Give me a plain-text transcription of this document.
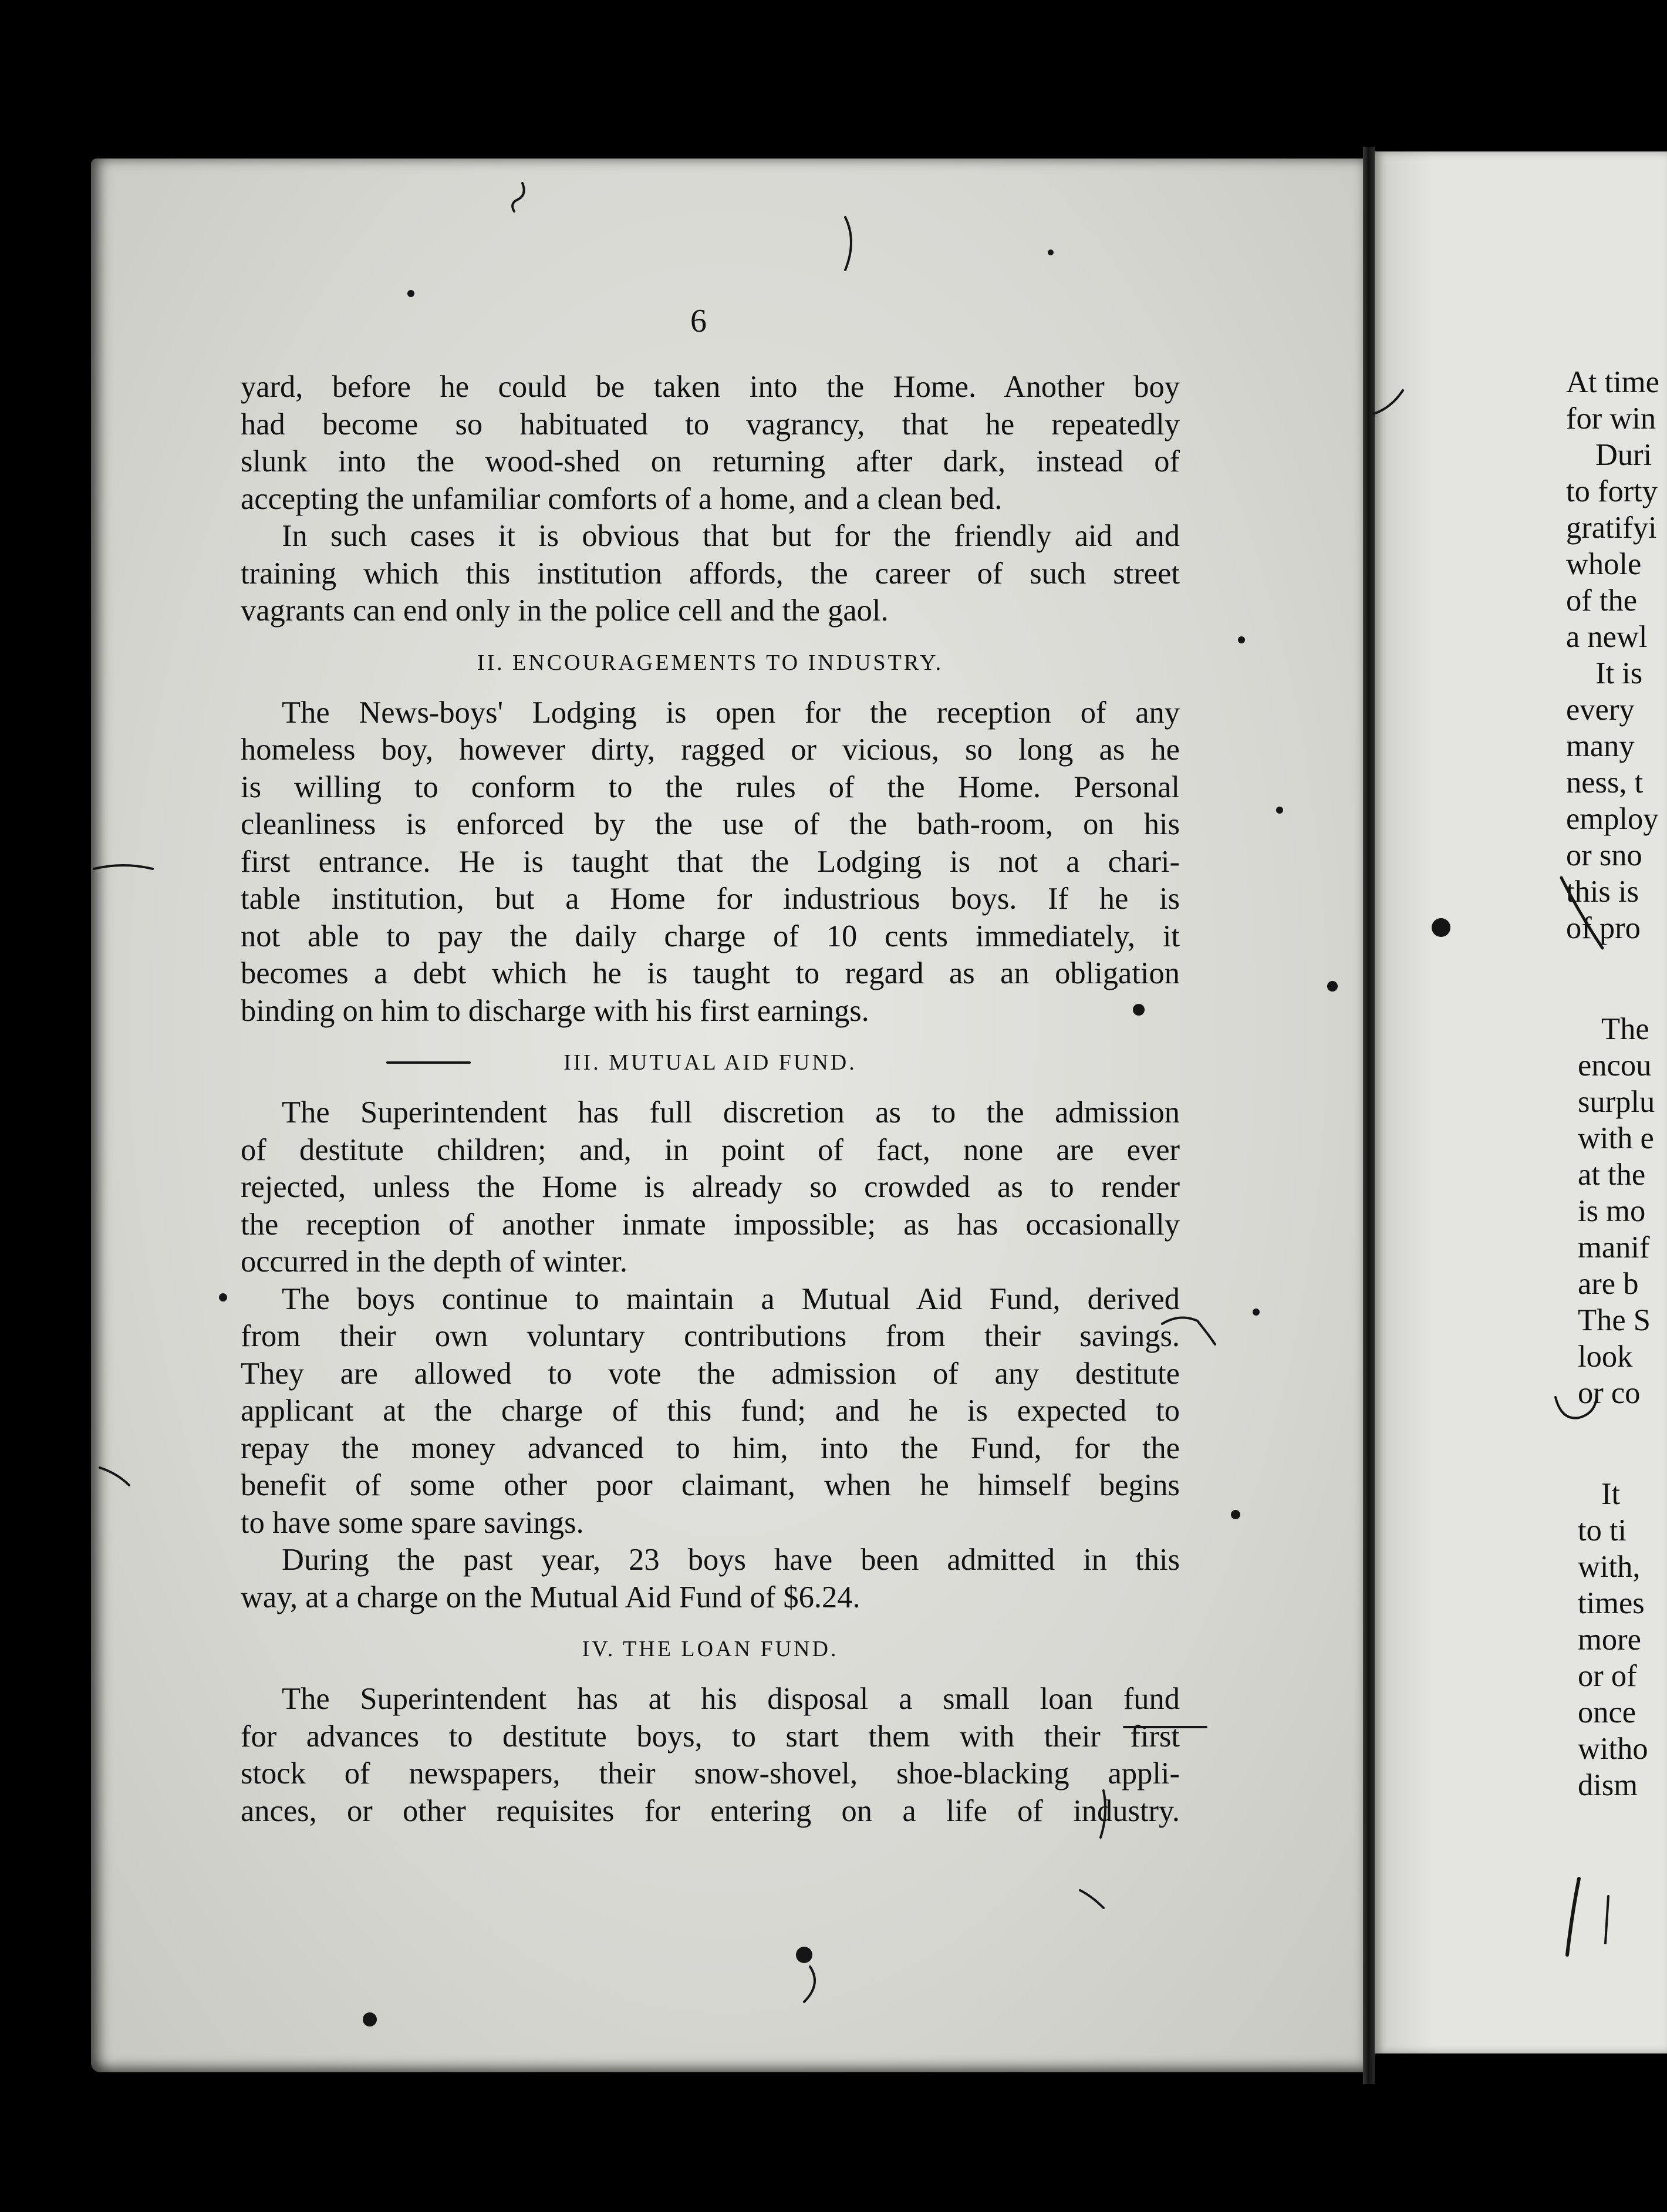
6

yard, before he could be taken into the Home. Another boy
had become so habituated to vagrancy, that he repeatedly
slunk into the wood-shed on returning after dark, instead of
accepting the unfamiliar comforts of a home, and a clean bed.

In such cases it is obvious that but for the friendly aid and

training which this institution affords, the career of such street
vagrants can end only in the police cell and the gaol.

II. ENCOURAGEMENTS TO INDUSTRY.

The News-boys' Lodging is open for the reception of any

homeless boy, however dirty, ragged or vicious, so long as he
is willing to conform to the rules of the Home. Personal
cleanliness is enforced by the use of the bath-room, on his
first entrance. He is taught that the Lodging is not a chari-
table institution, but a Home for industrious boys. If he is
not able to pay the daily charge of 10 cents immediately, it
becomes a debt which he is taught to regard as an obligation
binding on him to discharge with his first earnings.

III. MUTUAL AID FUND.

The Superintendent has full discretion as to the admission

of destitute children; and, in point of fact, none are ever
rejected, unless the Home is already so crowded as to render
the reception of another inmate impossible; as has occasionally
occurred in the depth of winter.

The boys continue to maintain a Mutual Aid Fund, derived

from their own voluntary contributions from their savings.
They are allowed to vote the admission of any destitute
applicant at the charge of this fund; and he is expected to
repay the money advanced to him, into the Fund, for the
benefit of some other poor claimant, when he himself begins
to have some spare savings.

During the past year, 23 boys have been admitted in this

way, at a charge on the Mutual Aid Fund of $6.24.

IV. THE LOAN FUND.

The Superintendent has at his disposal a small loan fund

for advances to destitute boys, to start them with their first
stock of newspapers, their snow-shovel, shoe-blacking appli-
ances, or other requisites for entering on a life of industry.

At time
for win
Duri
to forty
gratifyi
whole
of the
a newl
It is
every
many
ness, t
employ
or sno
this is
of pro
The
encou
surplu
with e
at the
is mo
manif
are b
The S
look
or co
It
to ti
with,
times
more
or of
once
witho
dism
